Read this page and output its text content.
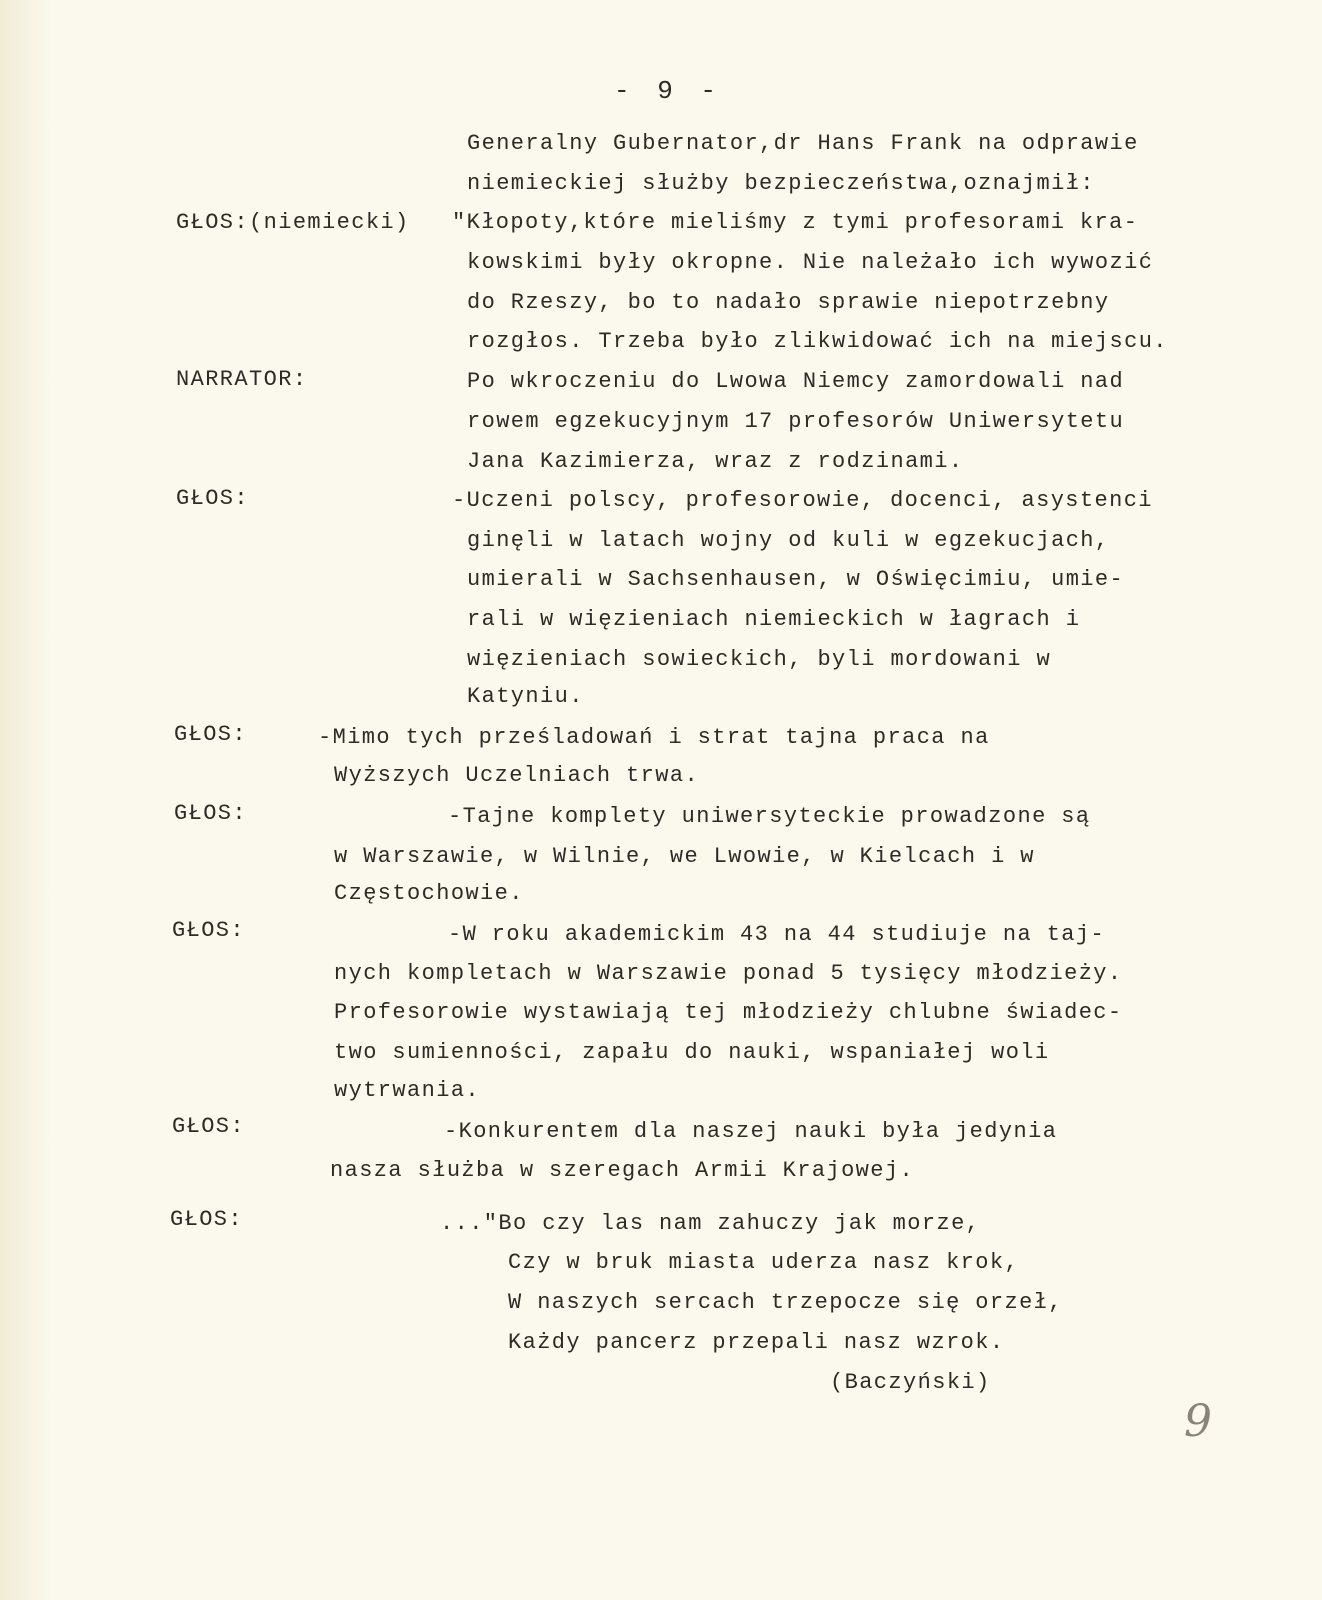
- 9 -
Generalny Gubernator,dr Hans Frank na odprawie
niemieckiej służby bezpieczeństwa,oznajmił:
GŁOS:(niemiecki) "Kłopoty,które mieliśmy z tymi profesorami kra-
kowskimi były okropne. Nie należało ich wywozić
do Rzeszy, bo to nadało sprawie niepotrzebny
rozgłos. Trzeba było zlikwidować ich na miejscu.
NARRATOR:	Po wkroczeniu do Lwowa Niemcy zamordowali nad
rowem egzekucyjnym 17 profesorów Uniwersytetu
Jana Kazimierza, wraz z rodzinami.
GŁOS:	-Uczeni polscy, profesorowie, docenci, asystenci
ginęli w latach wojny od kuli w egzekucjach,
umierali w Sachsenhausen, w Oświęcimiu, umie-
rali w więzieniach niemieckich w łagrach i
więzieniach sowieckich, byli mordowani w
Katyniu.
GŁOS:	-Mimo tych prześladowań i strat tajna praca na
Wyższych Uczelniach trwa.
GŁOS:	-Tajne komplety uniwersyteckie prowadzone są
w Warszawie, w Wilnie, we Lwowie, w Kielcach i w
Częstochowie.
GŁOS:	-W roku akademickim 43 na 44 studiuje na taj-
nych kompletach w Warszawie ponad 5 tysięcy młodzieży.
Profesorowie wystawiają tej młodzieży chlubne świadec-
two sumienności, zapału do nauki, wspaniałej woli
wytrwania.
GŁOS:	-Konkurentem dla naszej nauki była jedynia
nasza służba w szeregach Armii Krajowej.
GŁOS:	..."Bo czy las nam zahuczy jak morze,
Czy w bruk miasta uderza nasz krok,
W naszych sercach trzepocze się orzeł,
Każdy pancerz przepali nasz wzrok.
(Baczyński)
9
